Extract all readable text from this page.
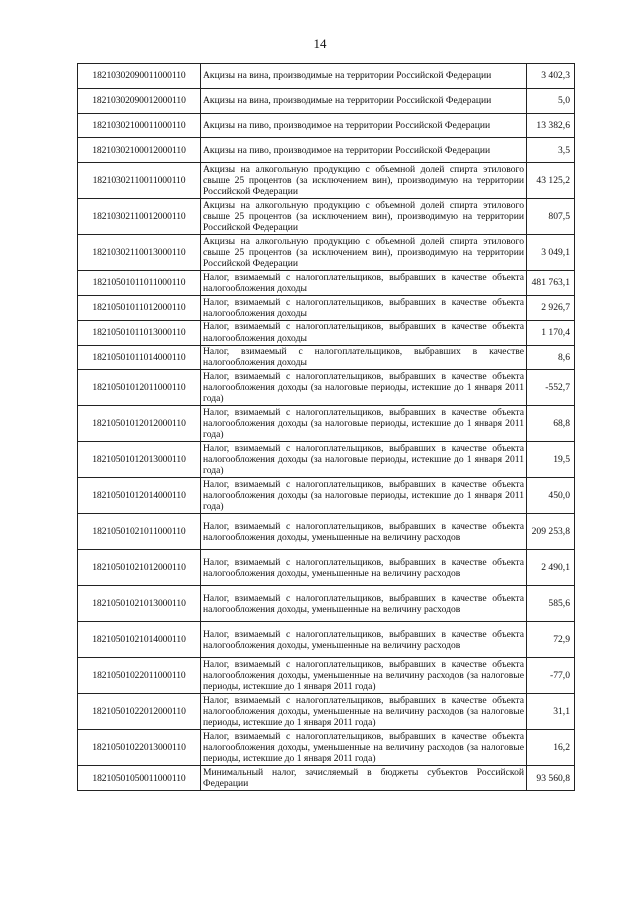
14
18210302090011000110	Акцизы на вина, производимые на территории Российской Федерации	3 402,3
18210302090012000110	Акцизы на вина, производимые на территории Российской Федерации	5,0
18210302100011000110	Акцизы на пиво, производимое на территории Российской Федерации	13 382,6
18210302100012000110	Акцизы на пиво, производимое на территории Российской Федерации	3,5
18210302110011000110	Акцизы на алкогольную продукцию с объемной долей спирта этилового свыше 25 процентов (за исключением вин), производимую на территории Российской Федерации	43 125,2
18210302110012000110	Акцизы на алкогольную продукцию с объемной долей спирта этилового свыше 25 процентов (за исключением вин), производимую на территории Российской Федерации	807,5
18210302110013000110	Акцизы на алкогольную продукцию с объемной долей спирта этилового свыше 25 процентов (за исключением вин), производимую на территории Российской Федерации	3 049,1
18210501011011000110	Налог, взимаемый с налогоплательщиков, выбравших в качестве объекта налогообложения доходы	481 763,1
18210501011012000110	Налог, взимаемый с налогоплательщиков, выбравших в качестве объекта налогообложения доходы	2 926,7
18210501011013000110	Налог, взимаемый с налогоплательщиков, выбравших в качестве объекта налогообложения доходы	1 170,4
18210501011014000110	Налог, взимаемый с налогоплательщиков, выбравших в качестве налогообложения доходы	8,6
18210501012011000110	Налог, взимаемый с налогоплательщиков, выбравших в качестве объекта налогообложения доходы (за налоговые периоды, истекшие до 1 января 2011 года)	-552,7
18210501012012000110	Налог, взимаемый с налогоплательщиков, выбравших в качестве объекта налогообложения доходы (за налоговые периоды, истекшие до 1 января 2011 года)	68,8
18210501012013000110	Налог, взимаемый с налогоплательщиков, выбравших в качестве объекта налогообложения доходы (за налоговые периоды, истекшие до 1 января 2011 года)	19,5
18210501012014000110	Налог, взимаемый с налогоплательщиков, выбравших в качестве объекта налогообложения доходы (за налоговые периоды, истекшие до 1 января 2011 года)	450,0
18210501021011000110	Налог, взимаемый с налогоплательщиков, выбравших в качестве объекта налогообложения доходы, уменьшенные на величину расходов	209 253,8
18210501021012000110	Налог, взимаемый с налогоплательщиков, выбравших в качестве объекта налогообложения доходы, уменьшенные на величину расходов	2 490,1
18210501021013000110	Налог, взимаемый с налогоплательщиков, выбравших в качестве объекта налогообложения доходы, уменьшенные на величину расходов	585,6
18210501021014000110	Налог, взимаемый с налогоплательщиков, выбравших в качестве объекта налогообложения доходы, уменьшенные на величину расходов	72,9
18210501022011000110	Налог, взимаемый с налогоплательщиков, выбравших в качестве объекта налогообложения доходы, уменьшенные на величину расходов (за налоговые периоды, истекшие до 1 января 2011 года)	-77,0
18210501022012000110	Налог, взимаемый с налогоплательщиков, выбравших в качестве объекта налогообложения доходы, уменьшенные на величину расходов (за налоговые периоды, истекшие до 1 января 2011 года)	31,1
18210501022013000110	Налог, взимаемый с налогоплательщиков, выбравших в качестве объекта налогообложения доходы, уменьшенные на величину расходов (за налоговые периоды, истекшие до 1 января 2011 года)	16,2
18210501050011000110	Минимальный налог, зачисляемый в бюджеты субъектов Российской Федерации	93 560,8
